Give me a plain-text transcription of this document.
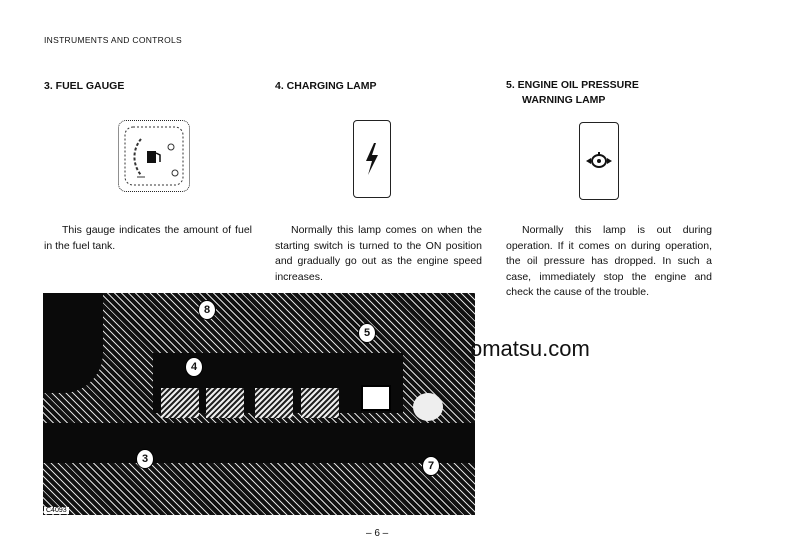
INSTRUMENTS AND CONTROLS
3. FUEL GAUGE
This gauge indicates the amount of fuel in the fuel tank.
4. CHARGING LAMP
Normally this lamp comes on when the starting switch is turned to the ON position and gradually go out as the engine speed increases.
5. ENGINE OIL PRESSURE
WARNING LAMP
Normally this lamp is out during operation. If it comes on during operation, the oil pressure has dropped. In such a case, immediately stop the engine and check the cause of the trouble.
8
5
4
3
7
C4093
omatsu.com
– 6 –
